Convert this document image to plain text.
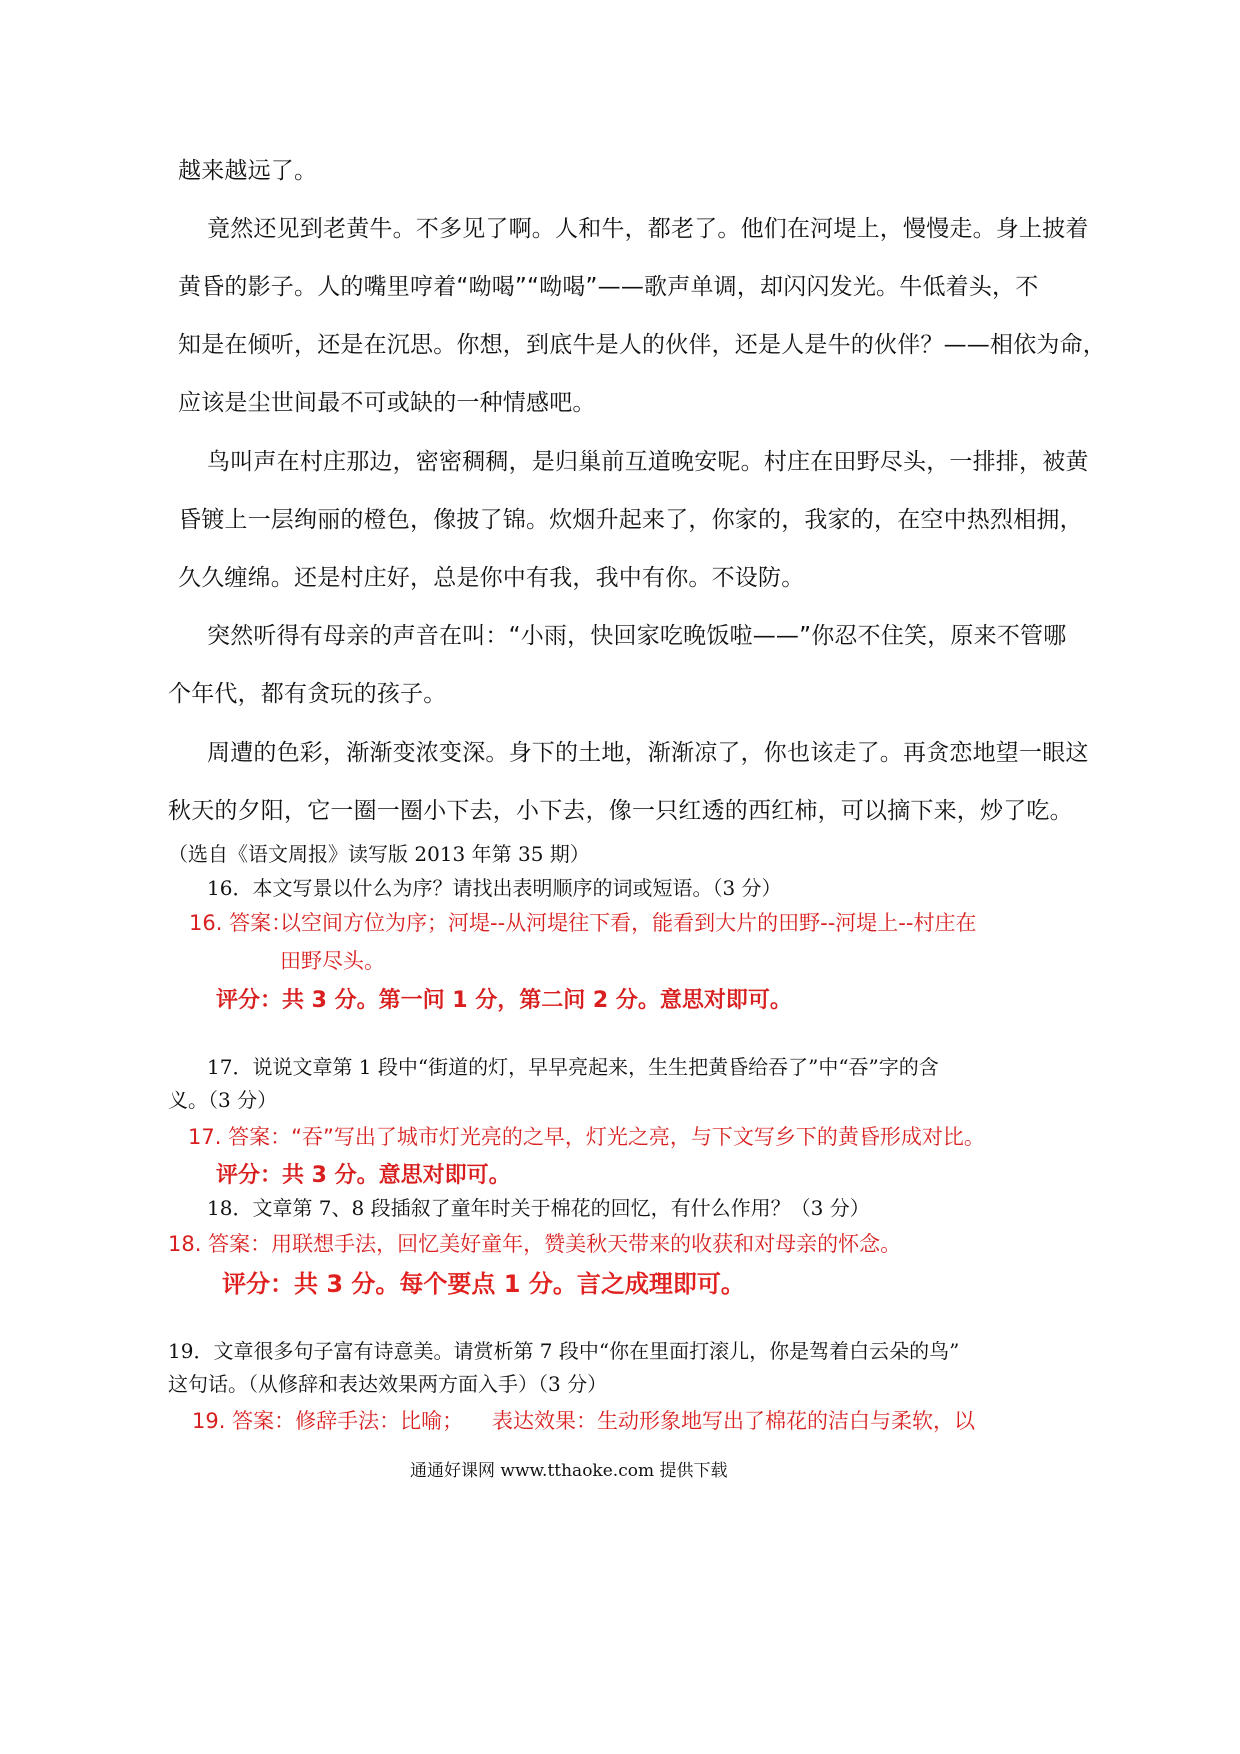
越来越远了。
竟然还见到老黄牛。不多见了啊。人和牛，都老了。他们在河堤上，慢慢走。身上披着
黄昏的影子。人的嘴里哼着“呦喝”“呦喝”——歌声单调，却闪闪发光。牛低着头，不
知是在倾听，还是在沉思。你想，到底牛是人的伙伴，还是人是牛的伙伴？——相依为命，
应该是尘世间最不可或缺的一种情感吧。
鸟叫声在村庄那边，密密稠稠，是归巢前互道晚安呢。村庄在田野尽头，一排排，被黄
昏镀上一层绚丽的橙色，像披了锦。炊烟升起来了，你家的，我家的，在空中热烈相拥，
久久缠绵。还是村庄好，总是你中有我，我中有你。不设防。
突然听得有母亲的声音在叫：“小雨，快回家吃晚饭啦——”你忍不住笑，原来不管哪
个年代，都有贪玩的孩子。
周遭的色彩，渐渐变浓变深。身下的土地，渐渐凉了，你也该走了。再贪恋地望一眼这
秋天的夕阳，它一圈一圈小下去，小下去，像一只红透的西红柿，可以摘下来，炒了吃。
（选自《语文周报》读写版 2013 年第 35 期）
16．本文写景以什么为序？请找出表明顺序的词或短语。（3 分）
16. 答案：
以空间方位为序；河堤--从河堤往下看，能看到大片的田野--河堤上--村庄在
田野尽头。
评分：共 3 分。第一问 1 分，第二问 2 分。意思对即可。
17．说说文章第 1 段中“街道的灯，早早亮起来，生生把黄昏给吞了”中“吞”字的含
义。（3 分）
17. 答案：“吞”写出了城市灯光亮的之早，灯光之亮，与下文写乡下的黄昏形成对比。
评分：共 3 分。意思对即可。
18．文章第 7、8 段插叙了童年时关于棉花的回忆，有什么作用？（3 分）
18. 答案：用联想手法，回忆美好童年，赞美秋天带来的收获和对母亲的怀念。
评分：共 3 分。每个要点 1 分。言之成理即可。
19．文章很多句子富有诗意美。请赏析第 7 段中“你在里面打滚儿，你是驾着白云朵的鸟”
这句话。（从修辞和表达效果两方面入手）（3 分）
19. 答案：修辞手法：比喻； 表达效果：生动形象地写出了棉花的洁白与柔软，以
通通好课网 www.tthaoke.com 提供下载
